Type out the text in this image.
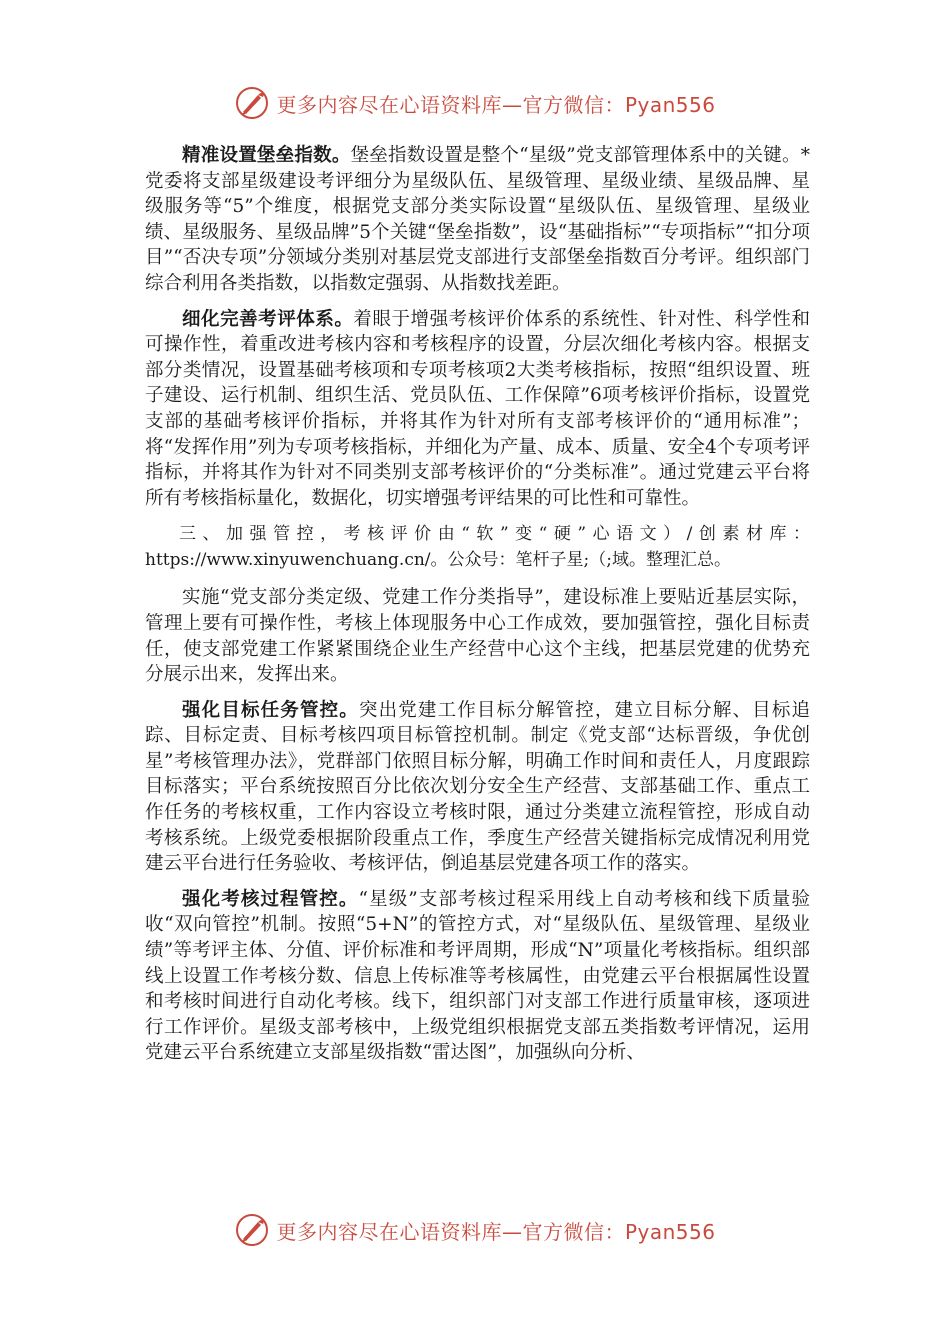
更多内容尽在心语资料库—官方微信：Pyan556

精准设置堡垒指数。堡垒指数设置是整个“星级”党支部管理体系中的关键。*党委将支部星级建设考评细分为星级队伍、星级管理、星级业绩、星级品牌、星级服务等“5”个维度，根据党支部分类实际设置“星级队伍、星级管理、星级业绩、星级服务、星级品牌”5个关键“堡垒指数”，设“基础指标”“专项指标”“扣分项目”“否决专项”分领域分类别对基层党支部进行支部堡垒指数百分考评。组织部门综合利用各类指数，以指数定强弱、从指数找差距。

细化完善考评体系。着眼于增强考核评价体系的系统性、针对性、科学性和可操作性，着重改进考核内容和考核程序的设置，分层次细化考核内容。根据支部分类情况，设置基础考核项和专项考核项2大类考核指标，按照“组织设置、班子建设、运行机制、组织生活、党员队伍、工作保障”6项考核评价指标，设置党支部的基础考核评价指标，并将其作为针对所有支部考核评价的“通用标准”；将“发挥作用”列为专项考核指标，并细化为产量、成本、质量、安全4个专项考评指标，并将其作为针对不同类别支部考核评价的“分类标准”。通过党建云平台将所有考核指标量化，数据化，切实增强考评结果的可比性和可靠性。

三、加强管控，考核评价由“软”变“硬”心语文）/创素材库：https://www.xinyuwenchuang.cn/。公众号：笔杆子星;（;域。整理汇总。

实施“党支部分类定级、党建工作分类指导”，建设标准上要贴近基层实际，管理上要有可操作性，考核上体现服务中心工作成效，要加强管控，强化目标责任，使支部党建工作紧紧围绕企业生产经营中心这个主线，把基层党建的优势充分展示出来，发挥出来。

强化目标任务管控。突出党建工作目标分解管控，建立目标分解、目标追踪、目标定责、目标考核四项目标管控机制。制定《党支部“达标晋级，争优创星”考核管理办法》，党群部门依照目标分解，明确工作时间和责任人，月度跟踪目标落实；平台系统按照百分比依次划分安全生产经营、支部基础工作、重点工作任务的考核权重，工作内容设立考核时限，通过分类建立流程管控，形成自动考核系统。上级党委根据阶段重点工作，季度生产经营关键指标完成情况利用党建云平台进行任务验收、考核评估，倒追基层党建各项工作的落实。

强化考核过程管控。“星级”支部考核过程采用线上自动考核和线下质量验收“双向管控”机制。按照“5+N”的管控方式，对“星级队伍、星级管理、星级业绩”等考评主体、分值、评价标准和考评周期，形成“N”项量化考核指标。组织部线上设置工作考核分数、信息上传标准等考核属性，由党建云平台根据属性设置和考核时间进行自动化考核。线下，组织部门对支部工作进行质量审核，逐项进行工作评价。星级支部考核中，上级党组织根据党支部五类指数考评情况，运用党建云平台系统建立支部星级指数“雷达图”，加强纵向分析、

更多内容尽在心语资料库—官方微信：Pyan556
